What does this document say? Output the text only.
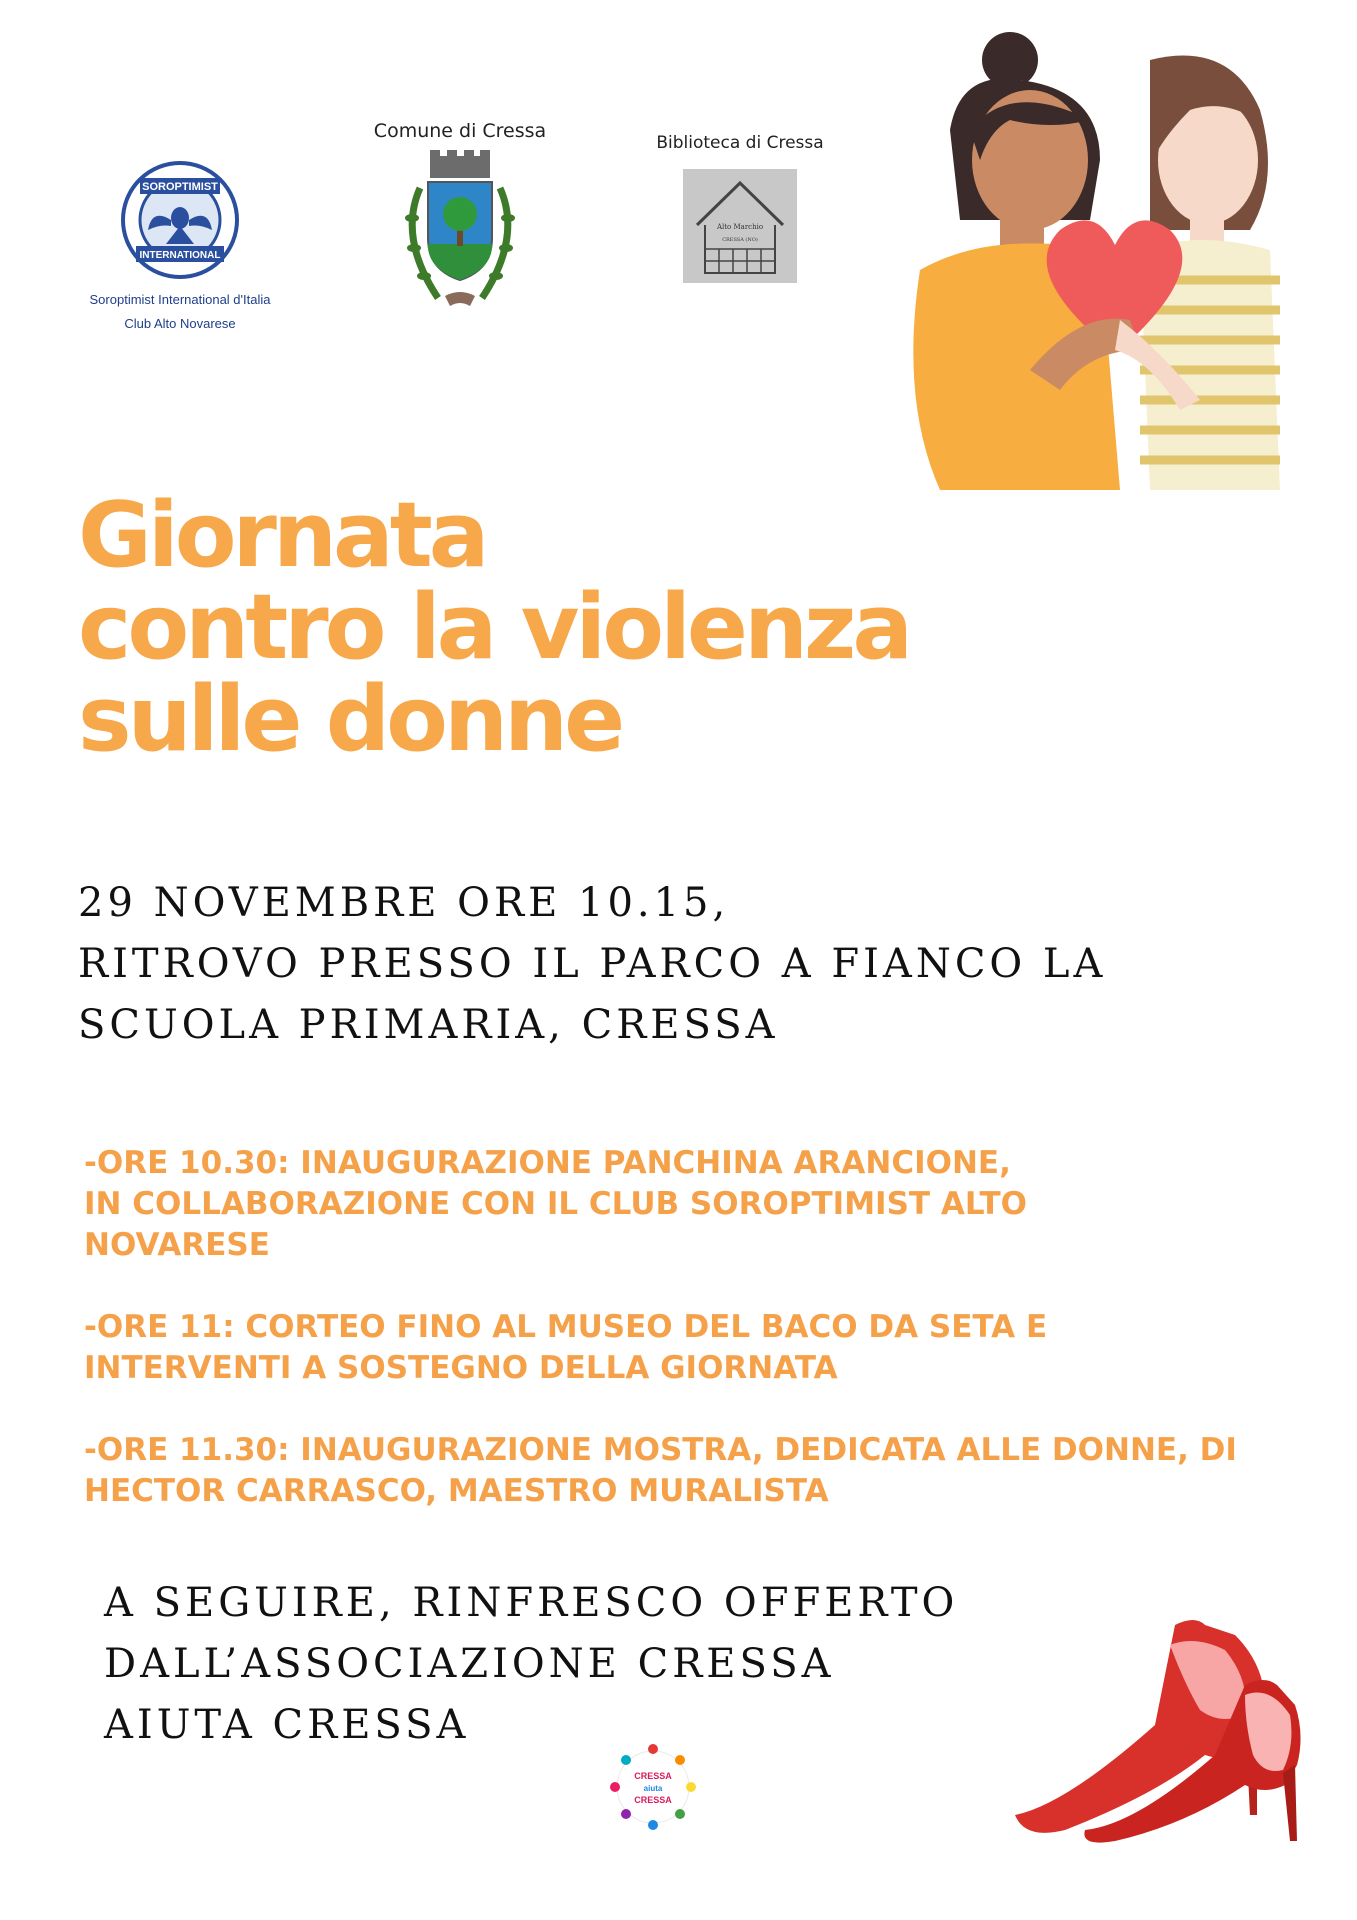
SOROPTIMIST
INTERNATIONAL
Soroptimist International d'Italia
Club Alto Novarese
Comune di Cressa
Biblioteca di Cressa
Alto Marchio
CRESSA (NO)
Giornata
contro la violenza
sulle donne
29 NOVEMBRE ORE 10.15,
RITROVO PRESSO IL PARCO A FIANCO LA
SCUOLA PRIMARIA, CRESSA
-ORE 10.30: INAUGURAZIONE PANCHINA ARANCIONE,
IN COLLABORAZIONE CON IL CLUB SOROPTIMIST ALTO
NOVARESE
-ORE 11: CORTEO FINO AL MUSEO DEL BACO DA SETA E
INTERVENTI A SOSTEGNO DELLA GIORNATA
-ORE 11.30: INAUGURAZIONE MOSTRA, DEDICATA ALLE DONNE, DI
HECTOR CARRASCO, MAESTRO MURALISTA
A SEGUIRE, RINFRESCO OFFERTO
DALL’ASSOCIAZIONE CRESSA
AIUTA CRESSA
CRESSA
aiuta
CRESSA
